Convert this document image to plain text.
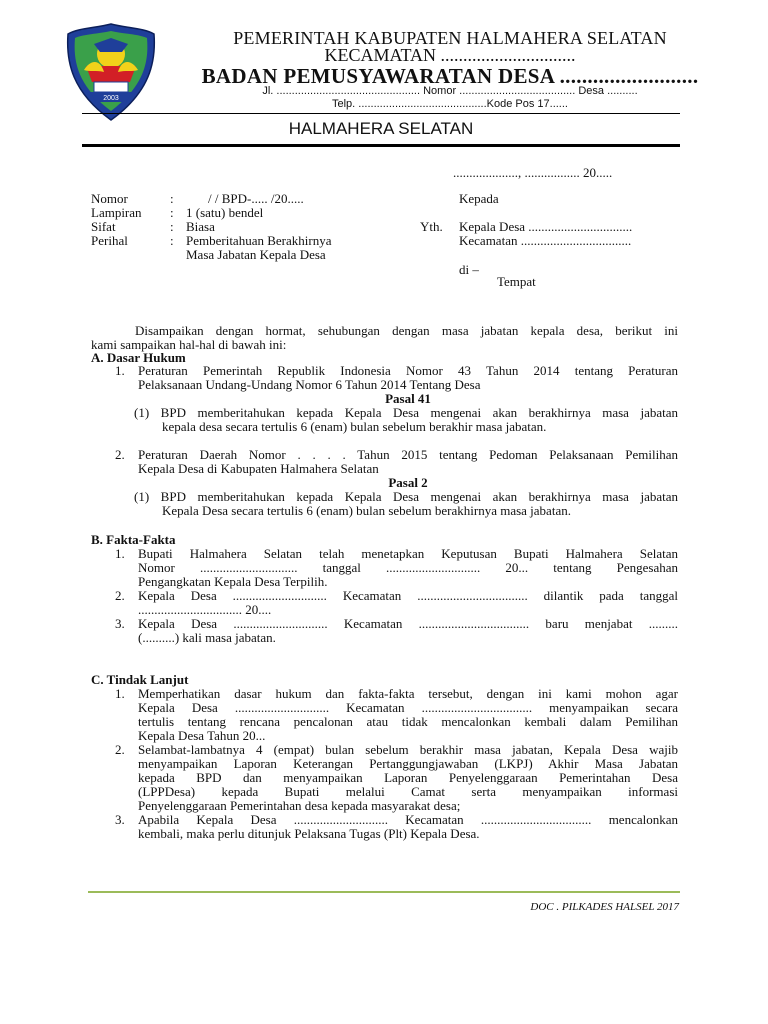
2003
PEMERINTAH KABUPATEN HALMAHERA SELATAN
KECAMATAN ..............................
BADAN PEMUSYAWARATAN DESA .........................
Jl. ............................................... Nomor ...................................... Desa ..........
Telp. ..........................................Kode Pos 17......
HALMAHERA SELATAN
...................., ................. 20.....
Nomor	:	/ / BPD-..... /20.....
Lampiran : 1 (satu) bendel
Sifat	: Biasa
Perihal	: Pemberitahuan Berakhirnya
Masa Jabatan Kepala Desa
Kepada
Yth. Kepala Desa ................................
Kecamatan ..................................
di –
Tempat
Disampaikan dengan hormat, sehubungan dengan masa jabatan kepala desa, berikut ini
kami sampaikan hal-hal di bawah ini:
A. Dasar Hukum
1. Peraturan Pemerintah Republik Indonesia Nomor 43 Tahun 2014 tentang Peraturan
Pelaksanaan Undang-Undang Nomor 6 Tahun 2014 Tentang Desa
Pasal 41
(1) BPD memberitahukan kepada Kepala Desa mengenai akan berakhirnya masa jabatan
kepala desa secara tertulis 6 (enam) bulan sebelum berakhir masa jabatan.
2. Peraturan Daerah Nomor . . . . Tahun 2015 tentang Pedoman Pelaksanaan Pemilihan
Kepala Desa di Kabupaten Halmahera Selatan
Pasal 2
(1) BPD memberitahukan kepada Kepala Desa mengenai akan berakhirnya masa jabatan
Kepala Desa secara tertulis 6 (enam) bulan sebelum berakhirnya masa jabatan.
B. Fakta-Fakta
1. Bupati Halmahera Selatan telah menetapkan Keputusan Bupati Halmahera Selatan
Nomor .............................. tanggal ............................. 20... tentang Pengesahan
Pengangkatan Kepala Desa Terpilih.
2. Kepala Desa ............................. Kecamatan .................................. dilantik pada tanggal
................................ 20....
3. Kepala Desa ............................. Kecamatan .................................. baru menjabat .........
(..........) kali masa jabatan.
C. Tindak Lanjut
1. Memperhatikan dasar hukum dan fakta-fakta tersebut, dengan ini kami mohon agar
Kepala Desa ............................. Kecamatan .................................. menyampaikan secara
tertulis tentang rencana pencalonan atau tidak mencalonkan kembali dalam Pemilihan
Kepala Desa Tahun 20...
2. Selambat-lambatnya 4 (empat) bulan sebelum berakhir masa jabatan, Kepala Desa wajib
menyampaikan Laporan Keterangan Pertanggungjawaban (LKPJ) Akhir Masa Jabatan
kepada BPD dan menyampaikan Laporan Penyelenggaraan Pemerintahan Desa
(LPPDesa) kepada Bupati melalui Camat serta menyampaikan informasi
Penyelenggaraan Pemerintahan desa kepada masyarakat desa;
3. Apabila Kepala Desa ............................. Kecamatan .................................. mencalonkan
kembali, maka perlu ditunjuk Pelaksana Tugas (Plt) Kepala Desa.
DOC . PILKADES HALSEL 2017
